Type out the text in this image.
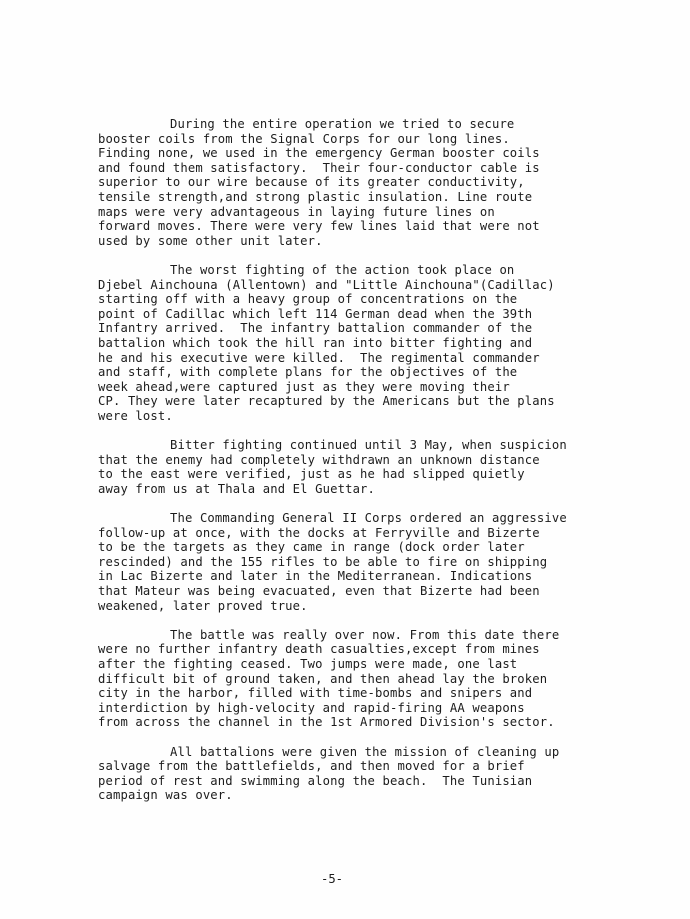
During the entire operation we tried to secure
booster coils from the Signal Corps for our long lines.
Finding none, we used in the emergency German booster coils
and found them satisfactory.  Their four-conductor cable is
superior to our wire because of its greater conductivity,
tensile strength,and strong plastic insulation. Line route
maps were very advantageous in laying future lines on
forward moves. There were very few lines laid that were not
used by some other unit later.
The worst fighting of the action took place on
Djebel Ainchouna (Allentown) and "Little Ainchouna"(Cadillac)
starting off with a heavy group of concentrations on the
point of Cadillac which left 114 German dead when the 39th
Infantry arrived.  The infantry battalion commander of the
battalion which took the hill ran into bitter fighting and
he and his executive were killed.  The regimental commander
and staff, with complete plans for the objectives of the
week ahead,were captured just as they were moving their
CP. They were later recaptured by the Americans but the plans
were lost.
Bitter fighting continued until 3 May, when suspicion
that the enemy had completely withdrawn an unknown distance
to the east were verified, just as he had slipped quietly
away from us at Thala and El Guettar.
The Commanding General II Corps ordered an aggressive
follow-up at once, with the docks at Ferryville and Bizerte
to be the targets as they came in range (dock order later
rescinded) and the 155 rifles to be able to fire on shipping
in Lac Bizerte and later in the Mediterranean. Indications
that Mateur was being evacuated, even that Bizerte had been
weakened, later proved true.
The battle was really over now. From this date there
were no further infantry death casualties,except from mines
after the fighting ceased. Two jumps were made, one last
difficult bit of ground taken, and then ahead lay the broken
city in the harbor, filled with time-bombs and snipers and
interdiction by high-velocity and rapid-firing AA weapons
from across the channel in the 1st Armored Division's sector.
All battalions were given the mission of cleaning up
salvage from the battlefields, and then moved for a brief
period of rest and swimming along the beach.  The Tunisian
campaign was over.
-5-
